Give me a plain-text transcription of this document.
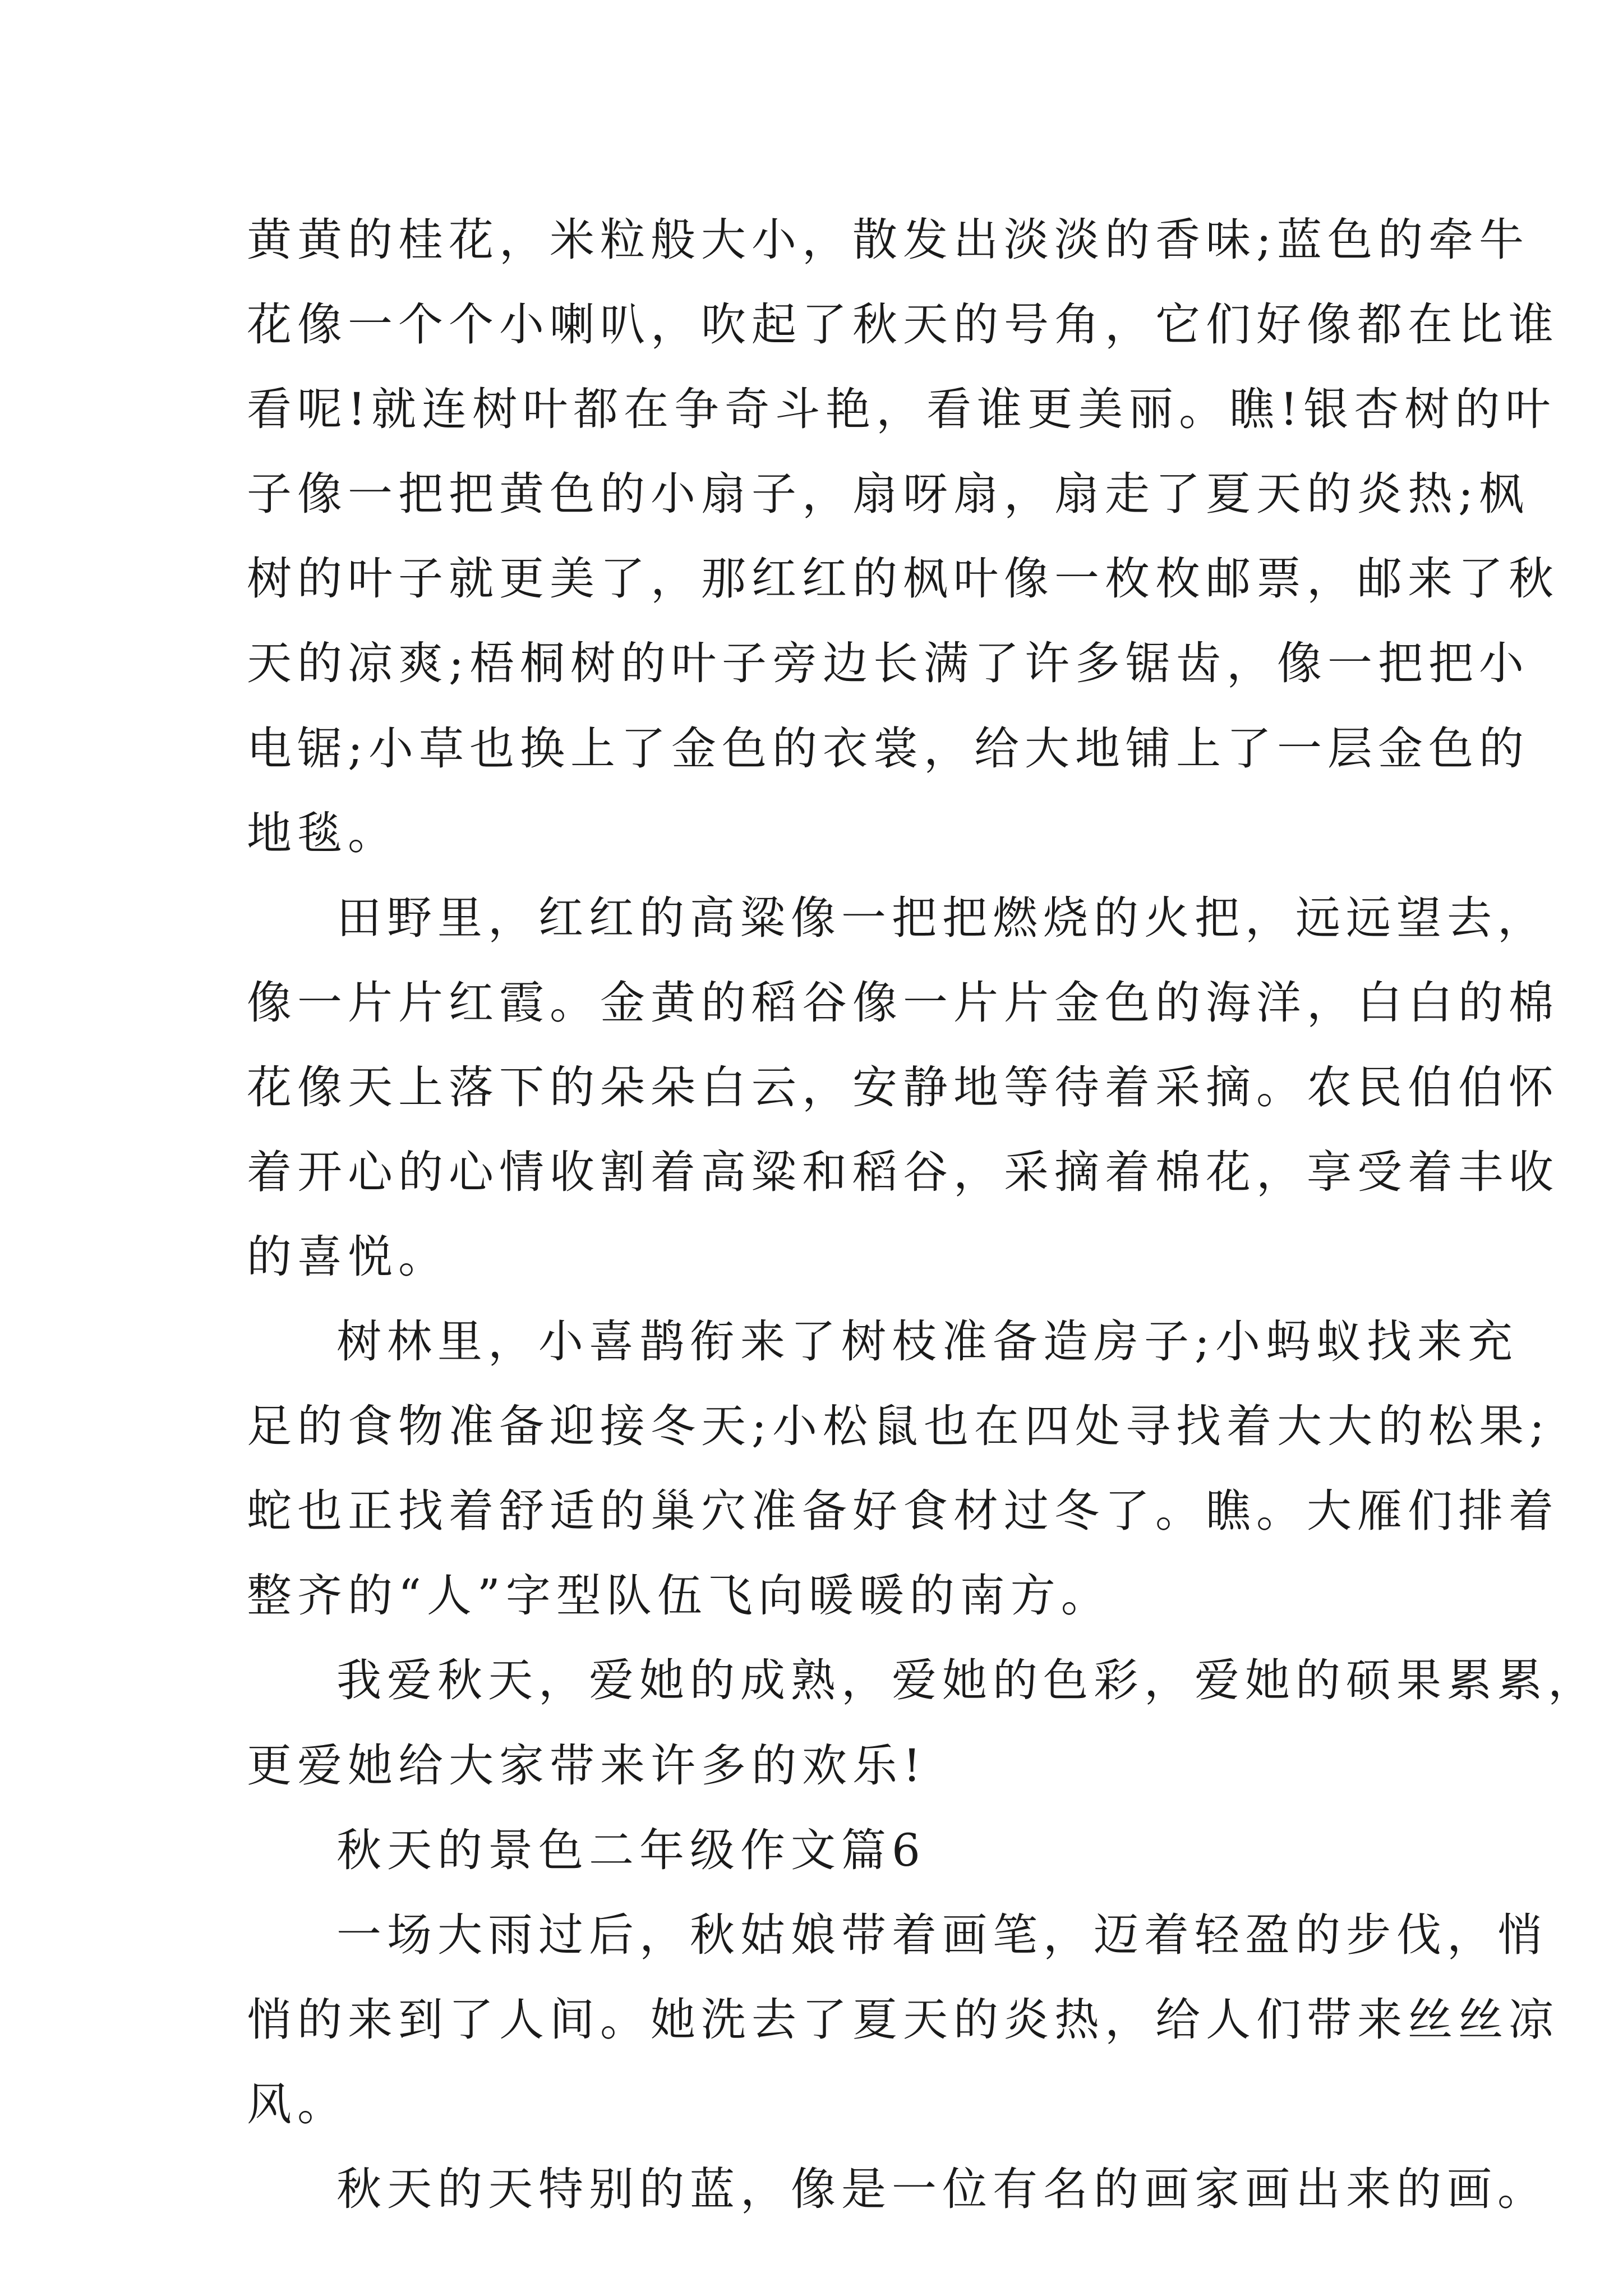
黄黄的桂花，米粒般大小，散发出淡淡的香味;蓝色的牵牛
花像一个个小喇叭，吹起了秋天的号角，它们好像都在比谁
看呢!就连树叶都在争奇斗艳，看谁更美丽。瞧!银杏树的叶
子像一把把黄色的小扇子，扇呀扇，扇走了夏天的炎热;枫
树的叶子就更美了，那红红的枫叶像一枚枚邮票，邮来了秋
天的凉爽;梧桐树的叶子旁边长满了许多锯齿，像一把把小
电锯;小草也换上了金色的衣裳，给大地铺上了一层金色的
地毯。
田野里，红红的高粱像一把把燃烧的火把，远远望去，
像一片片红霞。金黄的稻谷像一片片金色的海洋，白白的棉
花像天上落下的朵朵白云，安静地等待着采摘。农民伯伯怀
着开心的心情收割着高粱和稻谷，采摘着棉花，享受着丰收
的喜悦。
树林里，小喜鹊衔来了树枝准备造房子;小蚂蚁找来充
足的食物准备迎接冬天;小松鼠也在四处寻找着大大的松果;
蛇也正找着舒适的巢穴准备好食材过冬了。瞧。大雁们排着
整齐的“人”字型队伍飞向暖暖的南方。
我爱秋天，爱她的成熟，爱她的色彩，爱她的硕果累累，
更爱她给大家带来许多的欢乐!
秋天的景色二年级作文篇6
一场大雨过后，秋姑娘带着画笔，迈着轻盈的步伐，悄
悄的来到了人间。她洗去了夏天的炎热，给人们带来丝丝凉
风。
秋天的天特别的蓝，像是一位有名的画家画出来的画。
